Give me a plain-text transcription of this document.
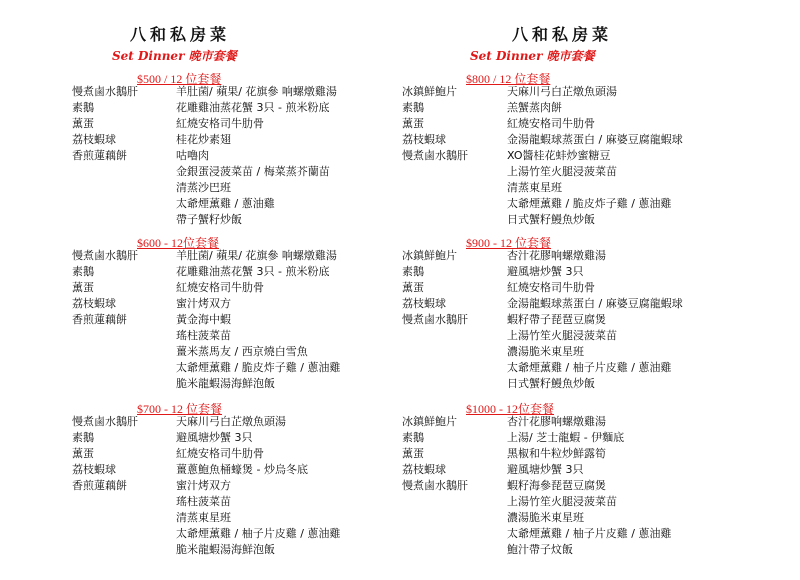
八和私房菜
Set Dinner 晚市套餐
$500 / 12 位套餐
慢煮鹵水鵝肝
素鵝
薰蛋
荔枝蝦球
香煎蓮藕餅
羊肚菌/ 蘋果/ 花旗參 响螺燉雞湯
花雕雞油蒸花蟹 3只 - 煎米粉底
紅燒安格司牛肋骨
桂花炒素翅
咕嚕肉
金銀蛋浸菠菜苗 / 梅菜蒸芥蘭苗
清蒸沙巴班
太爺煙薰雞 / 蔥油雞
帶子蟹籽炒飯
$600 - 12位套餐
慢煮鹵水鵝肝
素鵝
薰蛋
荔枝蝦球
香煎蓮藕餅
羊肚菌/ 蘋果/ 花旗參 响螺燉雞湯
花雕雞油蒸花蟹 3只 - 煎米粉底
紅燒安格司牛肋骨
蜜汁烤双方
黃金海中蝦
瑤柱菠菜苗
薑米蒸馬友 / 西京燒白雪魚
太爺煙薰雞 / 脆皮炸子雞 / 蔥油雞
脆米龍蝦湯海鮮泡飯
$700 - 12 位套餐
慢煮鹵水鵝肝
素鵝
薰蛋
荔枝蝦球
香煎蓮藕餅
天麻川弓白芷燉魚頭湯
避風塘炒蟹 3只
紅燒安格司牛肋骨
薑蔥鮑魚桶蠔煲 - 炒烏冬底
蜜汁烤双方
瑤柱菠菜苗
清蒸東星班
太爺煙薰雞 / 柚子片皮雞 / 蔥油雞
脆米龍蝦湯海鮮泡飯
八和私房菜
Set Dinner 晚市套餐
$800 / 12 位套餐
冰鎮鮮鮑片
素鵝
薰蛋
荔枝蝦球
慢煮鹵水鵝肝
天麻川弓白芷燉魚頭湯
羔蟹蒸肉餅
紅燒安格司牛肋骨
金湯龍蝦球蒸蛋白 / 麻婆豆腐龍蝦球
XO醬桂花蚌炒蜜糖豆
上湯竹笙火腿浸菠菜苗
清蒸東星班
太爺煙薰雞 / 脆皮炸子雞 / 蔥油雞
日式蟹籽鰻魚炒飯
$900 - 12 位套餐
冰鎮鮮鮑片
素鵝
薰蛋
荔枝蝦球
慢煮鹵水鵝肝
杏汁花膠响螺燉雞湯
避風塘炒蟹 3只
紅燒安格司牛肋骨
金湯龍蝦球蒸蛋白 / 麻婆豆腐龍蝦球
蝦籽帶子琵琶豆腐煲
上湯竹笙火腿浸菠菜苗
濃湯脆米東星班
太爺煙薰雞 / 柚子片皮雞 / 蔥油雞
日式蟹籽鰻魚炒飯
$1000 - 12位套餐
冰鎮鮮鮑片
素鵝
薰蛋
荔枝蝦球
慢煮鹵水鵝肝
杏汁花膠响螺燉雞湯
上湯/ 芝士龍蝦 - 伊麵底
黑椒和牛粒炒鮮露筍
避風塘炒蟹 3只
蝦籽海參琵琶豆腐煲
上湯竹笙火腿浸菠菜苗
濃湯脆米東星班
太爺煙薰雞 / 柚子片皮雞 / 蔥油雞
鮑汁帶子炆飯
